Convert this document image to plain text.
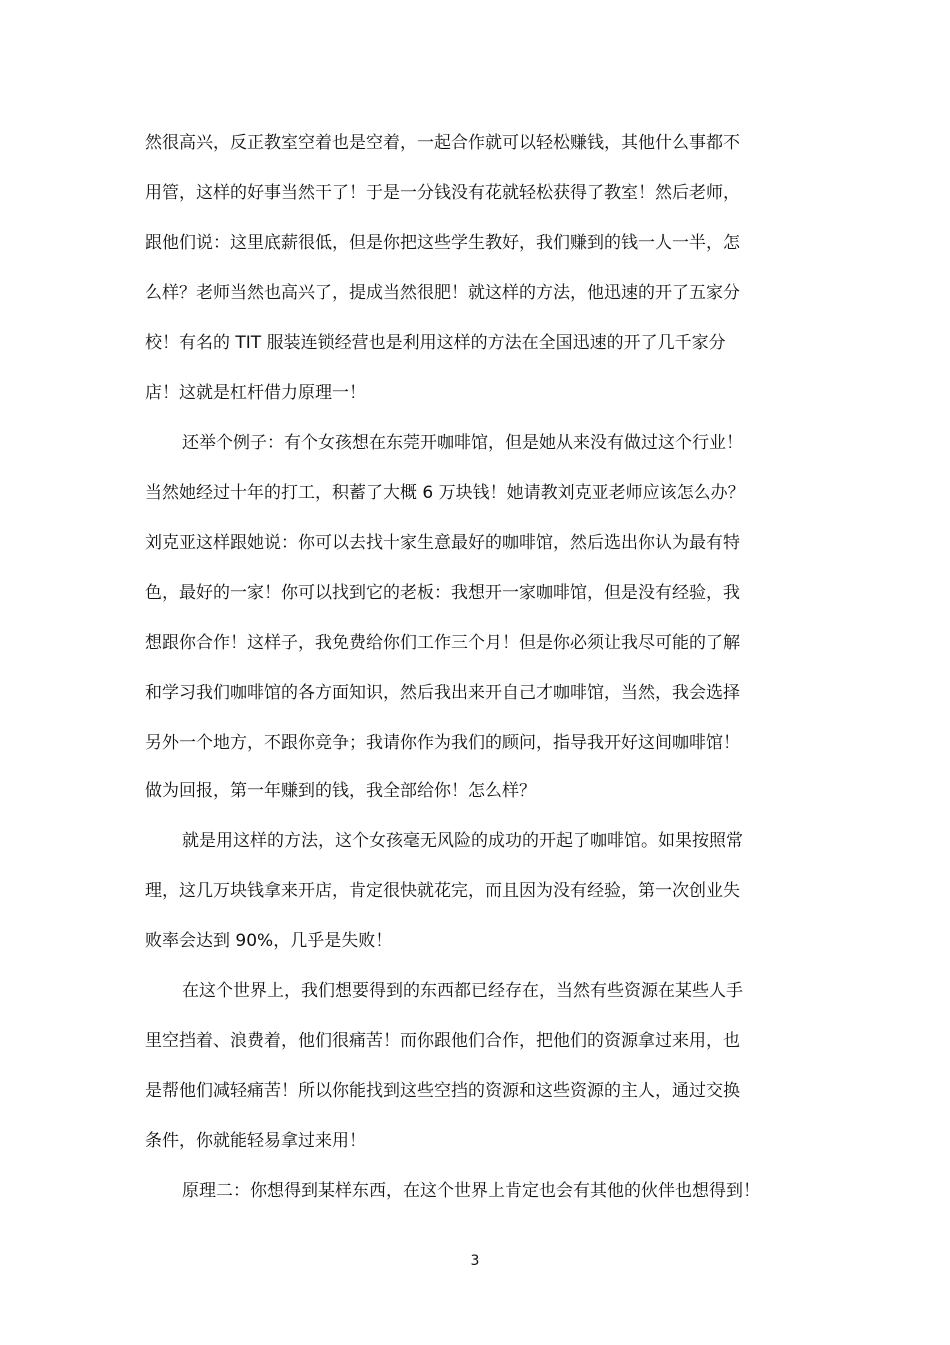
然很高兴，反正教室空着也是空着，一起合作就可以轻松赚钱，其他什么事都不
用管，这样的好事当然干了！于是一分钱没有花就轻松获得了教室！然后老师，
跟他们说：这里底薪很低，但是你把这些学生教好，我们赚到的钱一人一半，怎
么样？老师当然也高兴了，提成当然很肥！就这样的方法，他迅速的开了五家分
校！有名的 TIT 服装连锁经营也是利用这样的方法在全国迅速的开了几千家分
店！这就是杠杆借力原理一！
还举个例子：有个女孩想在东莞开咖啡馆，但是她从来没有做过这个行业！
当然她经过十年的打工，积蓄了大概 6 万块钱！她请教刘克亚老师应该怎么办？
刘克亚这样跟她说：你可以去找十家生意最好的咖啡馆，然后选出你认为最有特
色，最好的一家！你可以找到它的老板：我想开一家咖啡馆，但是没有经验，我
想跟你合作！这样子，我免费给你们工作三个月！但是你必须让我尽可能的了解
和学习我们咖啡馆的各方面知识，然后我出来开自己才咖啡馆，当然，我会选择
另外一个地方，不跟你竞争；我请你作为我们的顾问，指导我开好这间咖啡馆！
做为回报，第一年赚到的钱，我全部给你！怎么样？
就是用这样的方法，这个女孩毫无风险的成功的开起了咖啡馆。如果按照常
理，这几万块钱拿来开店，肯定很快就花完，而且因为没有经验，第一次创业失
败率会达到 90%，几乎是失败！
在这个世界上，我们想要得到的东西都已经存在，当然有些资源在某些人手
里空挡着、浪费着，他们很痛苦！而你跟他们合作，把他们的资源拿过来用，也
是帮他们减轻痛苦！所以你能找到这些空挡的资源和这些资源的主人，通过交换
条件，你就能轻易拿过来用！
原理二：你想得到某样东西，在这个世界上肯定也会有其他的伙伴也想得到！
3
